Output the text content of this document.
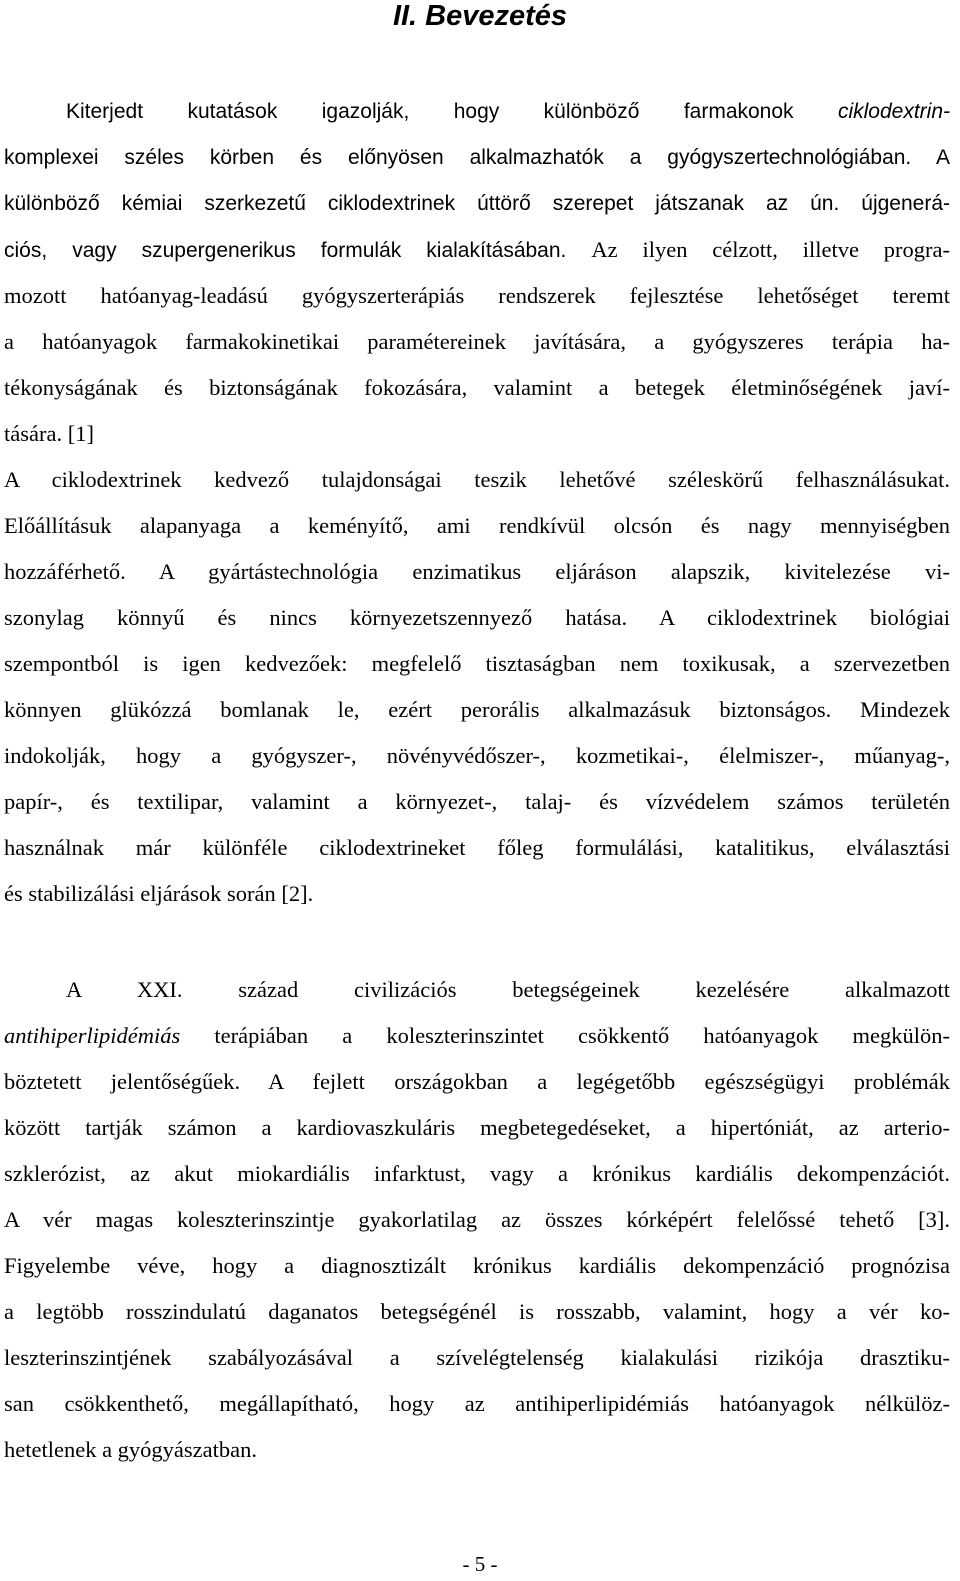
II. Bevezetés
Kiterjedt kutatások igazolják, hogy különböző farmakonok ciklodextrin-
komplexei széles körben és előnyösen alkalmazhatók a gyógyszertechnológiában. A
különböző kémiai szerkezetű ciklodextrinek úttörő szerepet játszanak az ún. újgenerá-
ciós, vagy szupergenerikus formulák kialakításában. Az ilyen célzott, illetve progra-
mozott hatóanyag-leadású gyógyszerterápiás rendszerek fejlesztése lehetőséget teremt
a hatóanyagok farmakokinetikai paramétereinek javítására, a gyógyszeres terápia ha-
tékonyságának és biztonságának fokozására, valamint a betegek életminőségének javí-
tására. [1]
A ciklodextrinek kedvező tulajdonságai teszik lehetővé széleskörű felhasználásukat.
Előállításuk alapanyaga a keményítő, ami rendkívül olcsón és nagy mennyiségben
hozzáférhető. A gyártástechnológia enzimatikus eljáráson alapszik, kivitelezése vi-
szonylag könnyű és nincs környezetszennyező hatása. A ciklodextrinek biológiai
szempontból is igen kedvezőek: megfelelő tisztaságban nem toxikusak, a szervezetben
könnyen glükózzá bomlanak le, ezért perorális alkalmazásuk biztonságos. Mindezek
indokolják, hogy a gyógyszer-, növényvédőszer-, kozmetikai-, élelmiszer-, műanyag-,
papír-, és textilipar, valamint a környezet-, talaj- és vízvédelem számos területén
használnak már különféle ciklodextrineket főleg formulálási, katalitikus, elválasztási
és stabilizálási eljárások során [2].
A XXI. század civilizációs betegségeinek kezelésére alkalmazott
antihiperlipidémiás terápiában a koleszterinszintet csökkentő hatóanyagok megkülön-
böztetett jelentőségűek. A fejlett országokban a legégetőbb egészségügyi problémák
között tartják számon a kardiovaszkuláris megbetegedéseket, a hipertóniát, az arterio-
szklerózist, az akut miokardiális infarktust, vagy a krónikus kardiális dekompenzációt.
A vér magas koleszterinszintje gyakorlatilag az összes kórképért felelőssé tehető [3].
Figyelembe véve, hogy a diagnosztizált krónikus kardiális dekompenzáció prognózisa
a legtöbb rosszindulatú daganatos betegségénél is rosszabb, valamint, hogy a vér ko-
leszterinszintjének szabályozásával a szívelégtelenség kialakulási rizikója drasztiku-
san csökkenthető, megállapítható, hogy az antihiperlipidémiás hatóanyagok nélkülöz-
hetetlenek a gyógyászatban.
- 5 -
